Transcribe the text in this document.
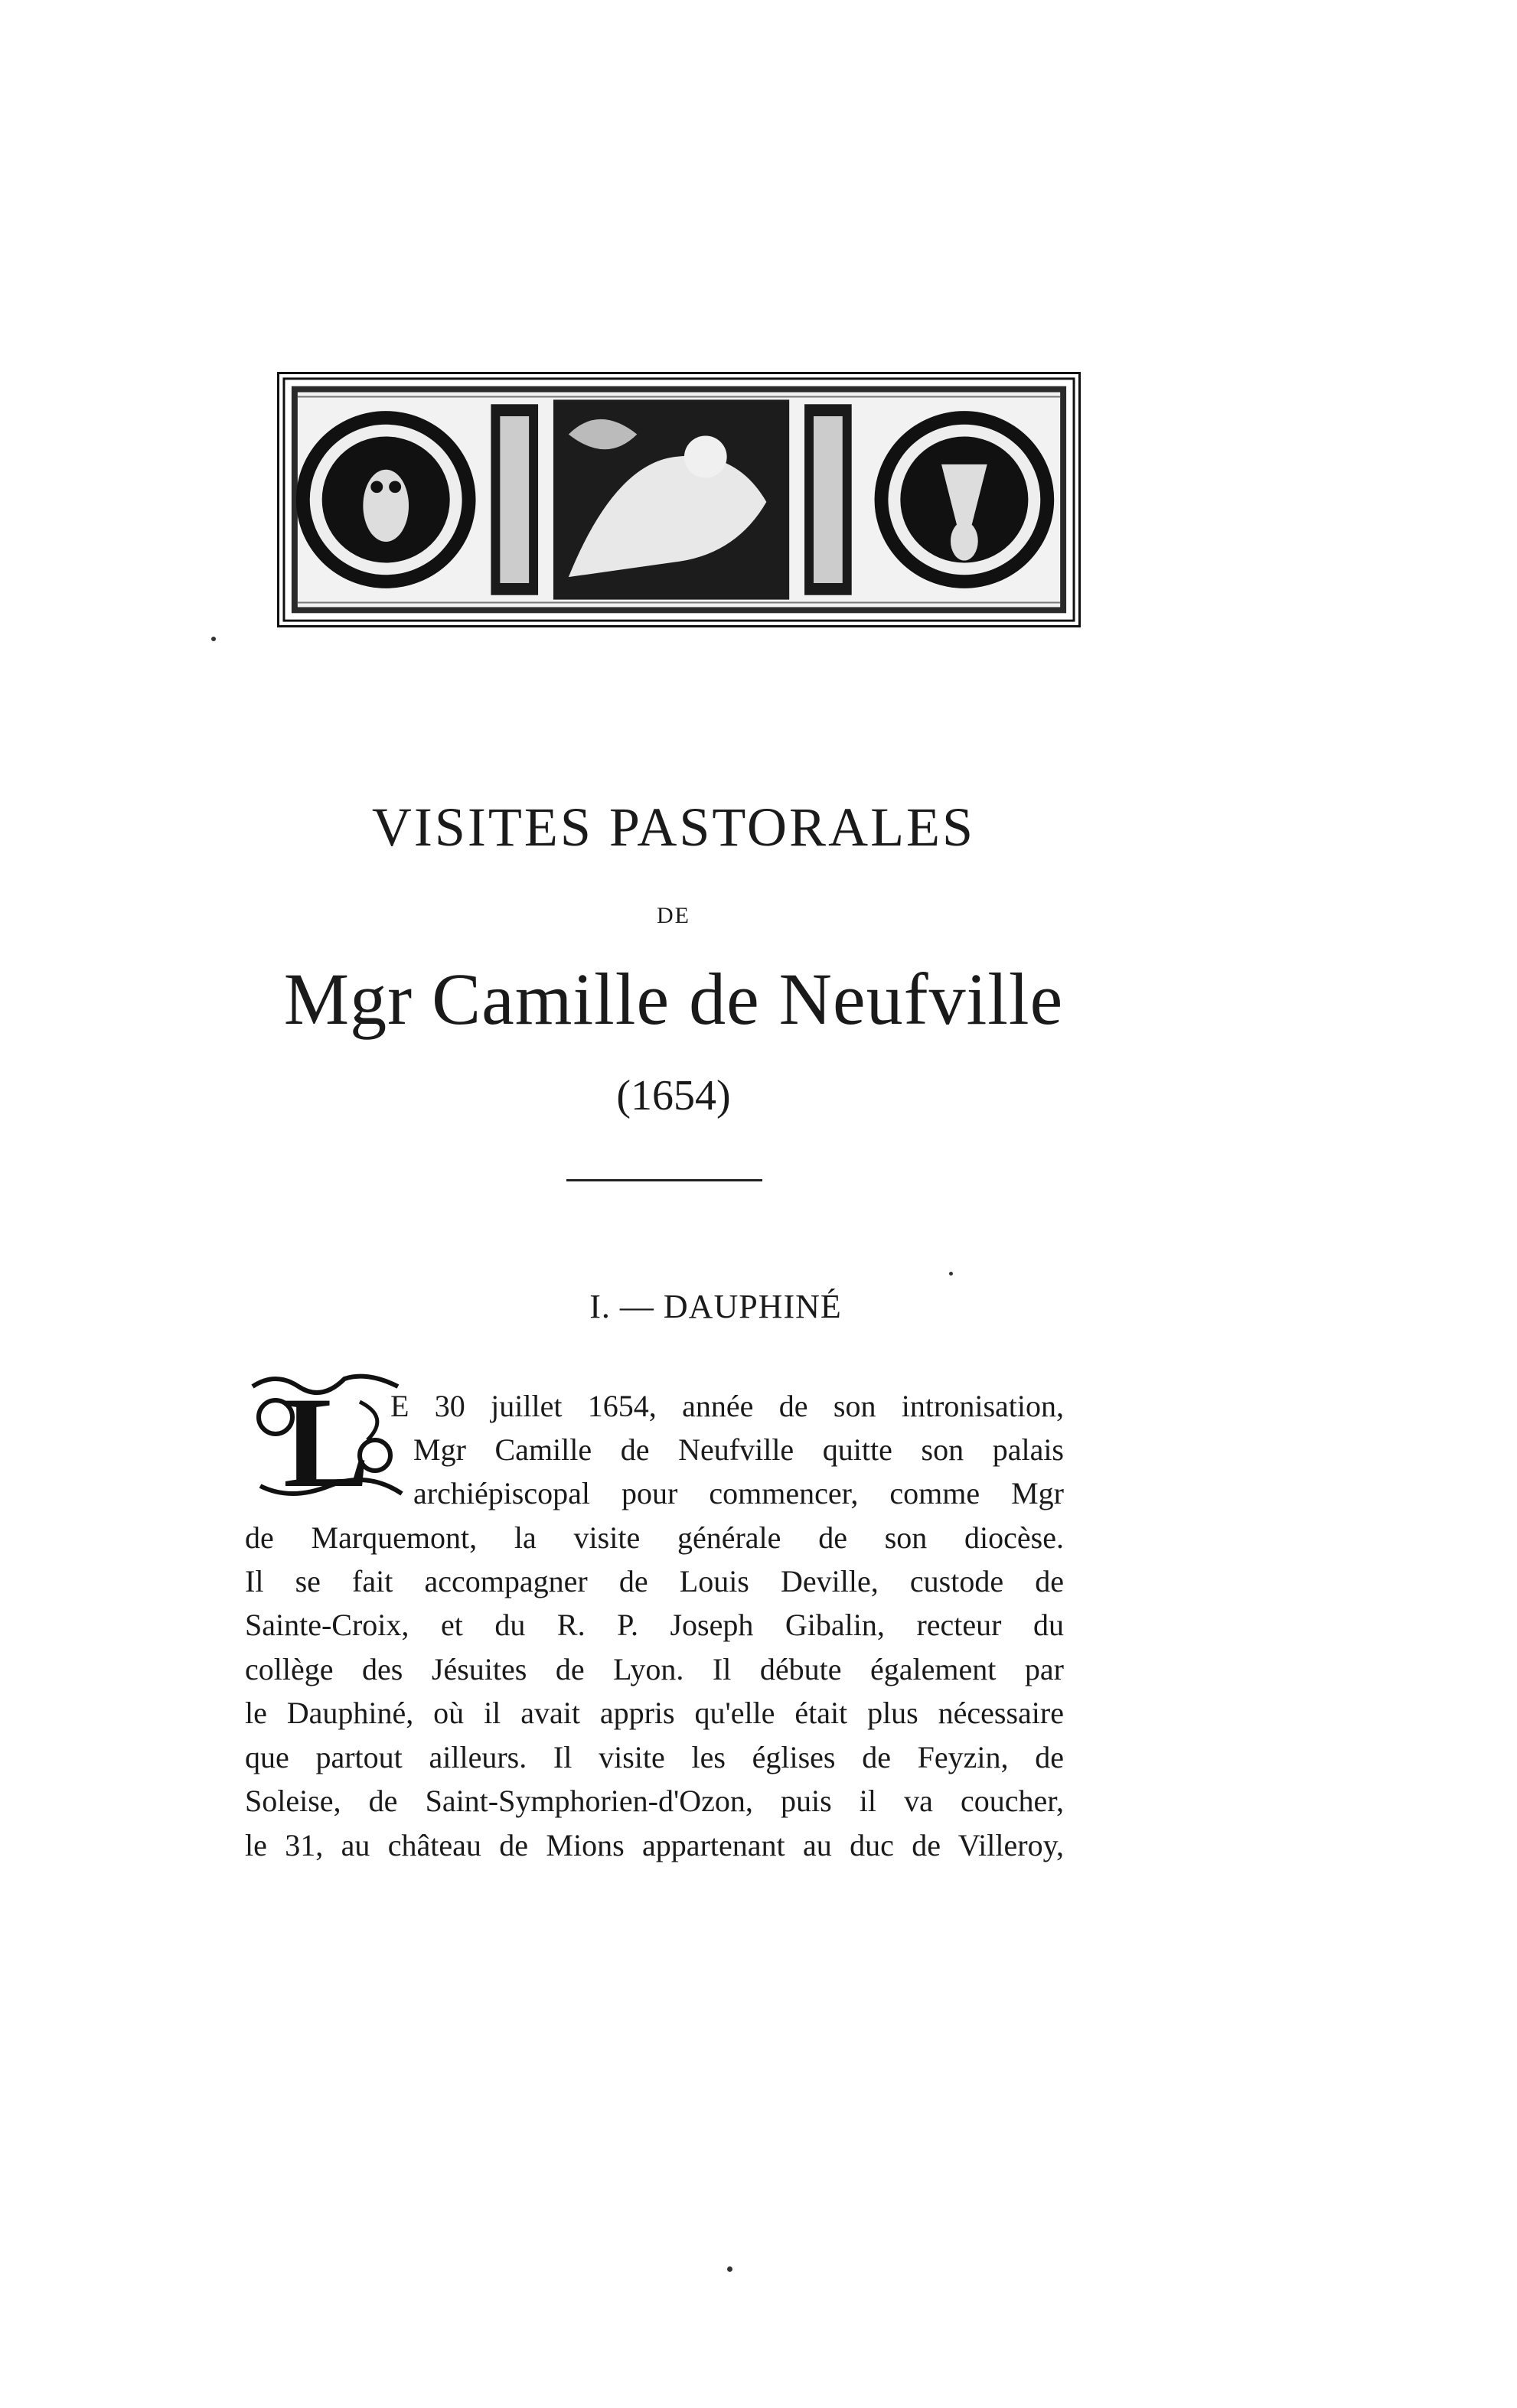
VISITES PASTORALES
DE
Mgr Camille de Neufville
(1654)
I. — DAUPHINÉ
L E 30 juillet 1654, année de son intronisation,
Mgr Camille de Neufville quitte son palais
archiépiscopal pour commencer, comme Mgr
de Marquemont, la visite générale de son diocèse.
Il se fait accompagner de Louis Deville, custode de
Sainte-Croix, et du R. P. Joseph Gibalin, recteur du
collège des Jésuites de Lyon. Il débute également par
le Dauphiné, où il avait appris qu'elle était plus nécessaire
que partout ailleurs. Il visite les églises de Feyzin, de
Soleise, de Saint-Symphorien-d'Ozon, puis il va coucher,
le 31, au château de Mions appartenant au duc de Villeroy,
